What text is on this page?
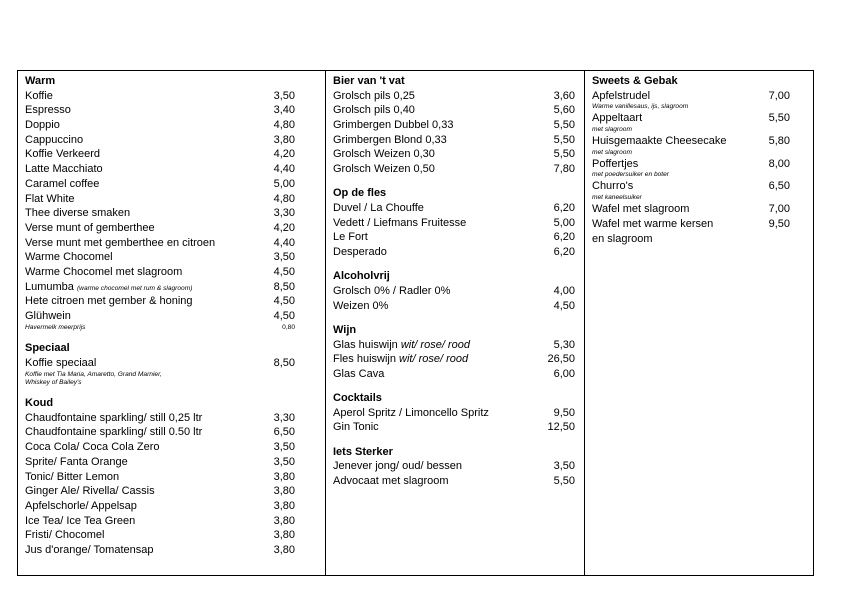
Warm
Koffie	3,50
Espresso	3,40
Doppio	4,80
Cappuccino	3,80
Koffie Verkeerd	4,20
Latte Macchiato	4,40
Caramel coffee	5,00
Flat White	4,80
Thee diverse smaken	3,30
Verse munt of gemberthee	4,20
Verse munt met gemberthee en citroen	4,40
Warme Chocomel	3,50
Warme Chocomel met slagroom	4,50
Lumumba (warme chocomel met rum & slagroom)	8,50
Hete citroen met gember & honing	4,50
Glühwein	4,50
Havermelk meerprijs	0,80
Speciaal
Koffie speciaal	8,50
Koffie met Tia Maria, Amaretto, Grand Marnier,
Whiskey of Bailey's
Koud
Chaudfontaine sparkling/ still 0,25 ltr	3,30
Chaudfontaine sparkling/ still 0.50 ltr	6,50
Coca Cola/ Coca Cola Zero	3,50
Sprite/ Fanta Orange	3,50
Tonic/ Bitter Lemon	3,80
Ginger Ale/ Rivella/ Cassis	3,80
Apfelschorle/ Appelsap	3,80
Ice Tea/ Ice Tea Green	3,80
Fristi/ Chocomel	3,80
Jus d'orange/ Tomatensap	3,80
Bier van 't vat
Grolsch pils 0,25	3,60
Grolsch pils 0,40	5,60
Grimbergen Dubbel 0,33	5,50
Grimbergen Blond 0,33	5,50
Grolsch Weizen 0,30	5,50
Grolsch Weizen 0,50	7,80
Op de fles
Duvel / La Chouffe	6,20
Vedett / Liefmans Fruitesse	5,00
Le Fort	6,20
Desperado	6,20
Alcoholvrij
Grolsch 0% / Radler 0%	4,00
Weizen 0%	4,50
Wijn
Glas huiswijn wit/ rose/ rood	5,30
Fles huiswijn wit/ rose/ rood	26,50
Glas Cava	6,00
Cocktails
Aperol Spritz / Limoncello Spritz	9,50
Gin Tonic	12,50
Iets Sterker
Jenever jong/ oud/ bessen	3,50
Advocaat met slagroom	5,50
Sweets & Gebak
Apfelstrudel	7,00
Warme vanillesaus, ijs, slagroom
Appeltaart	5,50
met slagroom
Huisgemaakte Cheesecake	5,80
met slagroom
Poffertjes	8,00
met poedersuiker en boter
Churro's	6,50
met kaneelsuiker
Wafel met slagroom	7,00
Wafel met warme kersen	9,50
en slagroom
